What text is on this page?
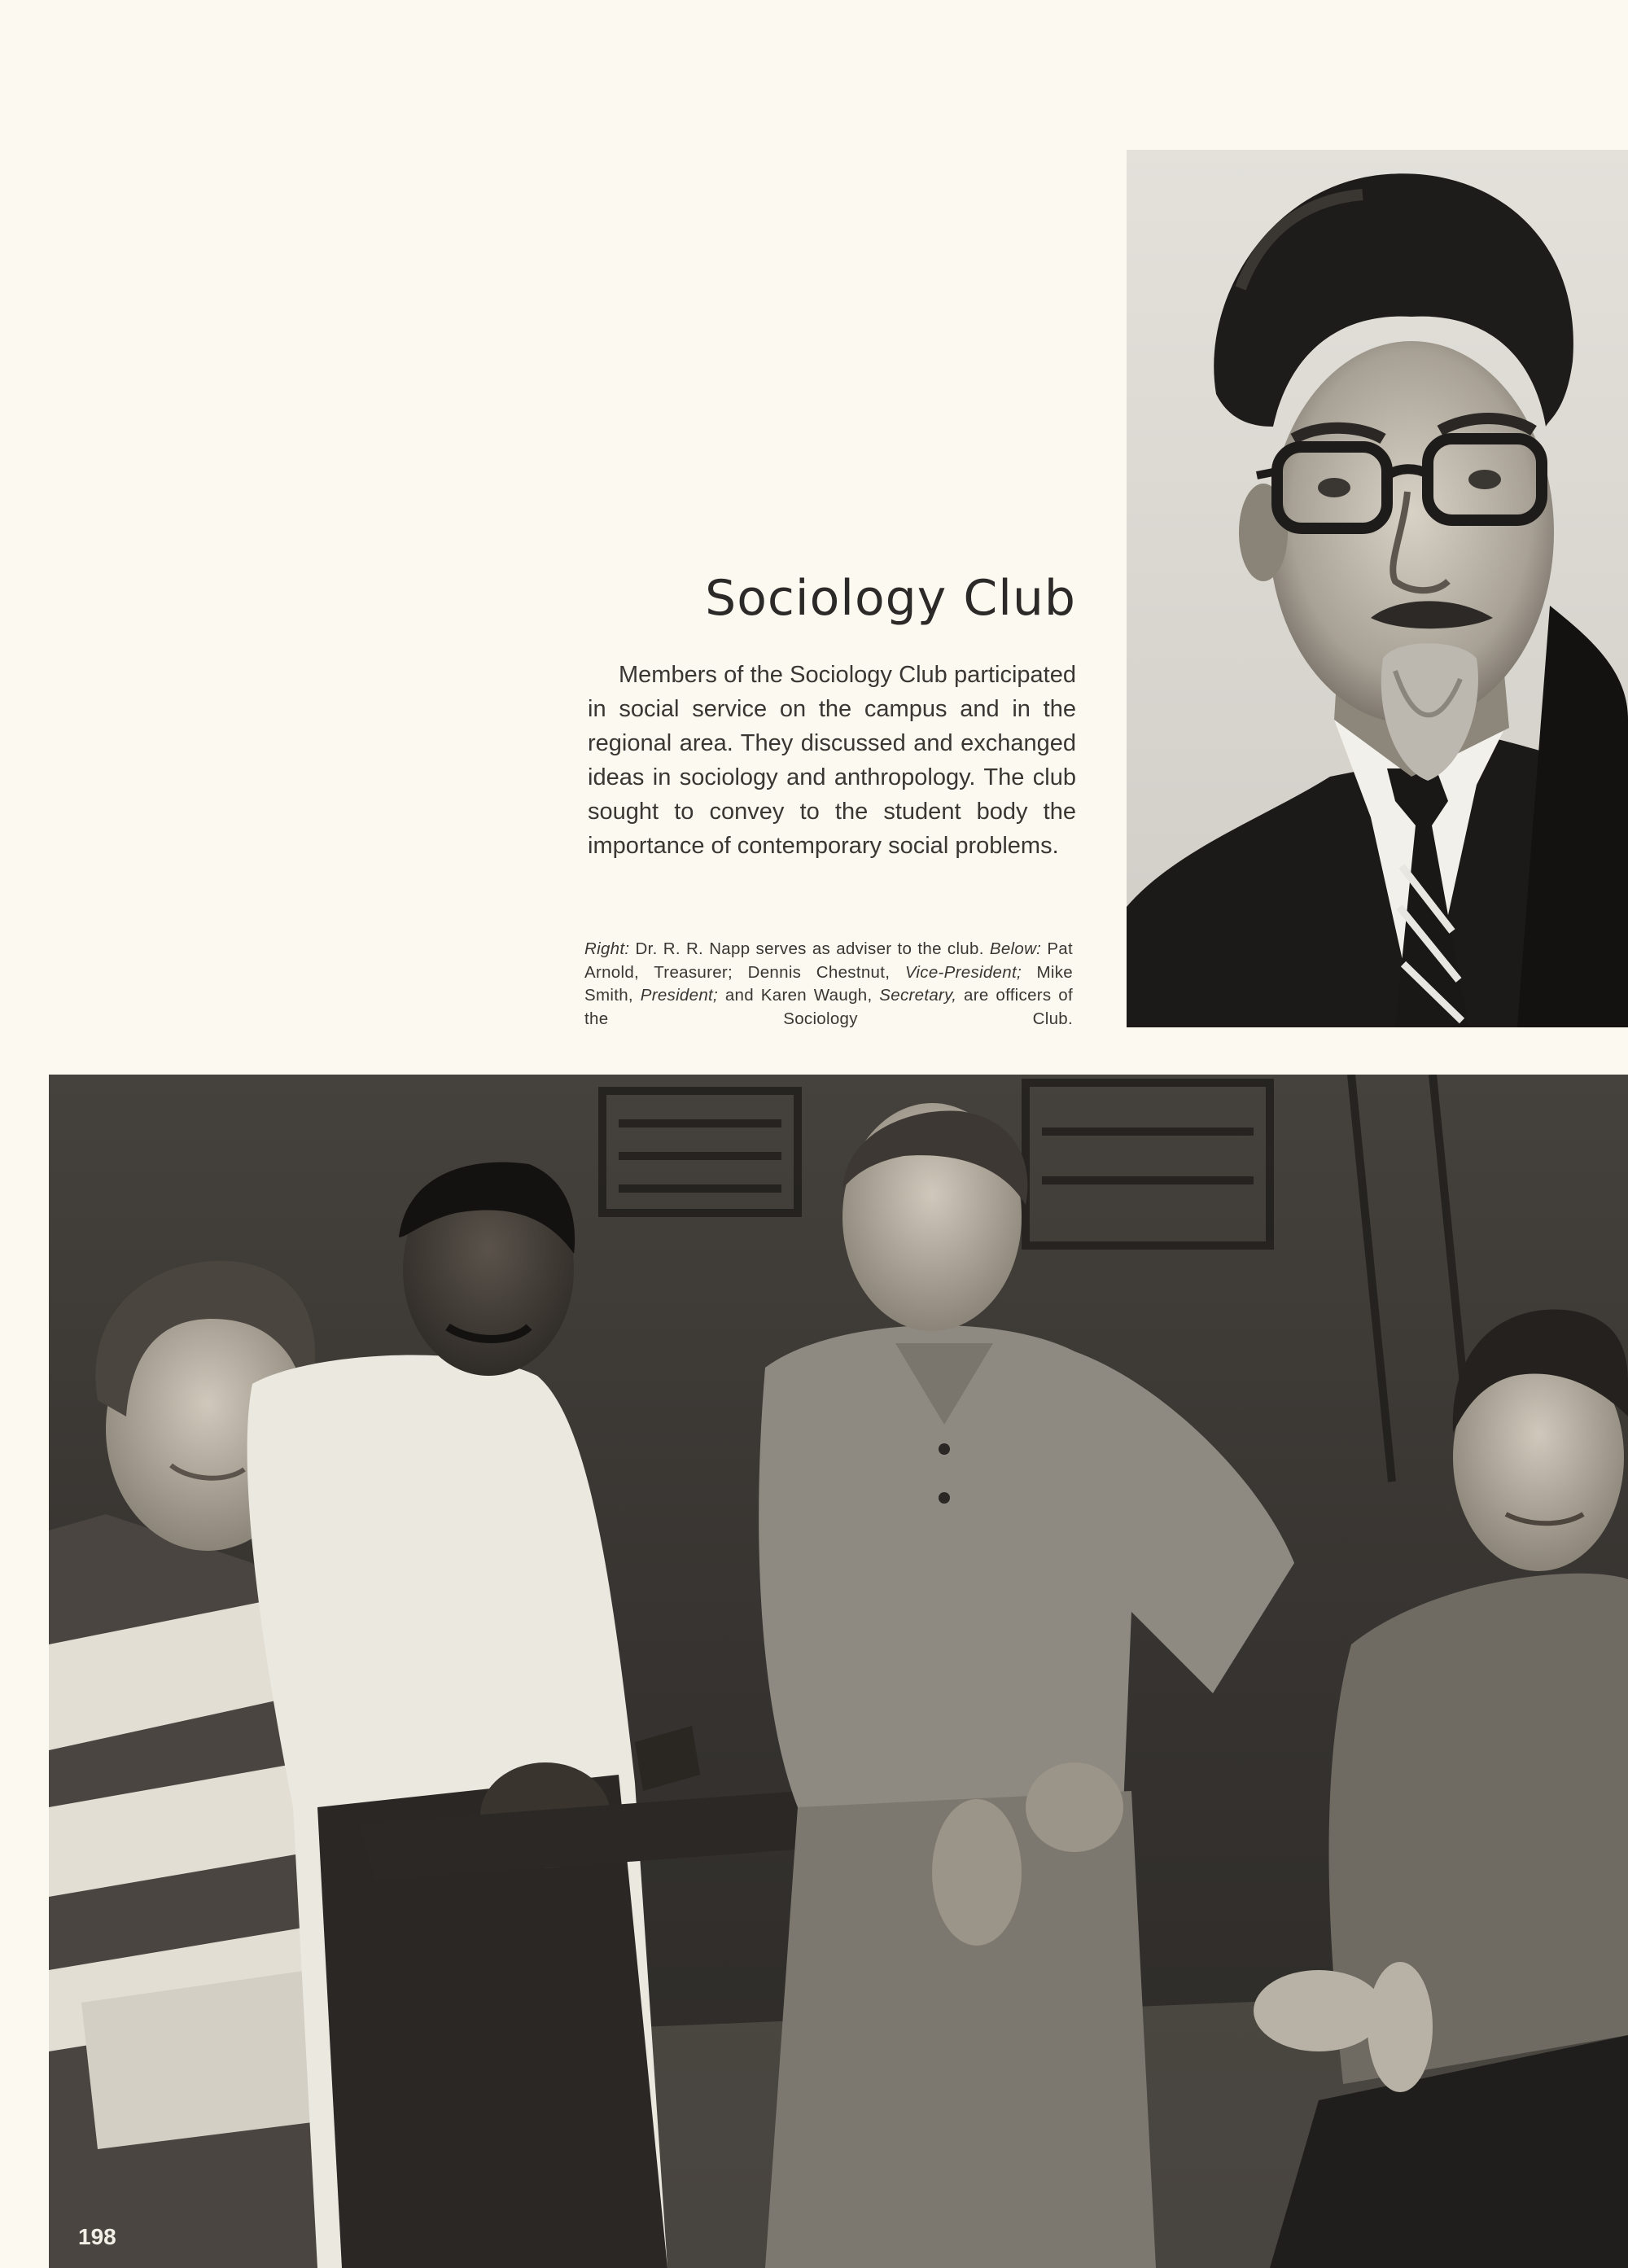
Sociology Club

Members of the Sociology Club participated in social service on the campus and in the regional area. They discussed and exchanged ideas in sociology and anthropology. The club sought to convey to the student body the importance of contemporary social problems.

Right: Dr. R. R. Napp serves as adviser to the club. Below: Pat Arnold, Treasurer; Dennis Chestnut, Vice-President; Mike Smith, President; and Karen Waugh, Secretary, are officers of the Sociology Club.
198
